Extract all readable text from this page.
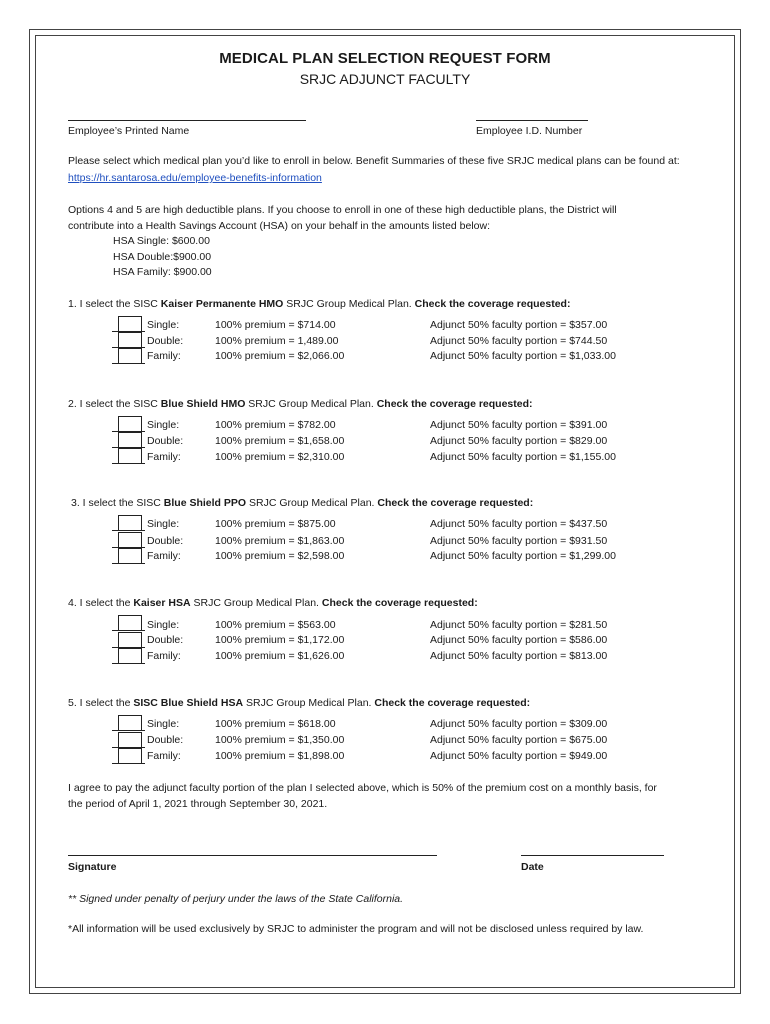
MEDICAL PLAN SELECTION REQUEST FORM
SRJC ADJUNCT FACULTY
Employee’s Printed Name	Employee I.D. Number
Please select which medical plan you’d like to enroll in below. Benefit Summaries of these five SRJC medical plans can be found at:
https://hr.santarosa.edu/employee-benefits-information
Options 4 and 5 are high deductible plans. If you choose to enroll in one of these high deductible plans, the District will
contribute into a Health Savings Account (HSA) on your behalf in the amounts listed below:
HSA Single: $600.00
HSA Double:$900.00
HSA Family: $900.00
1. I select the SISC Kaiser Permanente HMO SRJC Group Medical Plan. Check the coverage requested:
Single:	100% premium = $714.00	Adjunct 50% faculty portion = $357.00
Double:	100% premium = 1,489.00	Adjunct 50% faculty portion = $744.50
Family:	100% premium = $2,066.00	Adjunct 50% faculty portion = $1,033.00
2. I select the SISC Blue Shield HMO SRJC Group Medical Plan. Check the coverage requested:
Single:	100% premium = $782.00	Adjunct 50% faculty portion = $391.00
Double:	100% premium = $1,658.00	Adjunct 50% faculty portion = $829.00
Family:	100% premium = $2,310.00	Adjunct 50% faculty portion = $1,155.00
3. I select the SISC Blue Shield PPO SRJC Group Medical Plan. Check the coverage requested:
Single:	100% premium = $875.00	Adjunct 50% faculty portion = $437.50
Double:	100% premium = $1,863.00	Adjunct 50% faculty portion = $931.50
Family:	100% premium = $2,598.00	Adjunct 50% faculty portion = $1,299.00
4. I select the Kaiser HSA SRJC Group Medical Plan. Check the coverage requested:
Single:	100% premium = $563.00	Adjunct 50% faculty portion = $281.50
Double:	100% premium = $1,172.00	Adjunct 50% faculty portion = $586.00
Family:	100% premium = $1,626.00	Adjunct 50% faculty portion = $813.00
5. I select the SISC Blue Shield HSA SRJC Group Medical Plan. Check the coverage requested:
Single:	100% premium = $618.00	Adjunct 50% faculty portion = $309.00
Double:	100% premium = $1,350.00	Adjunct 50% faculty portion = $675.00
Family:	100% premium = $1,898.00	Adjunct 50% faculty portion = $949.00
I agree to pay the adjunct faculty portion of the plan I selected above, which is 50% of the premium cost on a monthly basis, for
the period of April 1, 2021 through September 30, 2021.
Signature	Date
** Signed under penalty of perjury under the laws of the State California.
*All information will be used exclusively by SRJC to administer the program and will not be disclosed unless required by law.
